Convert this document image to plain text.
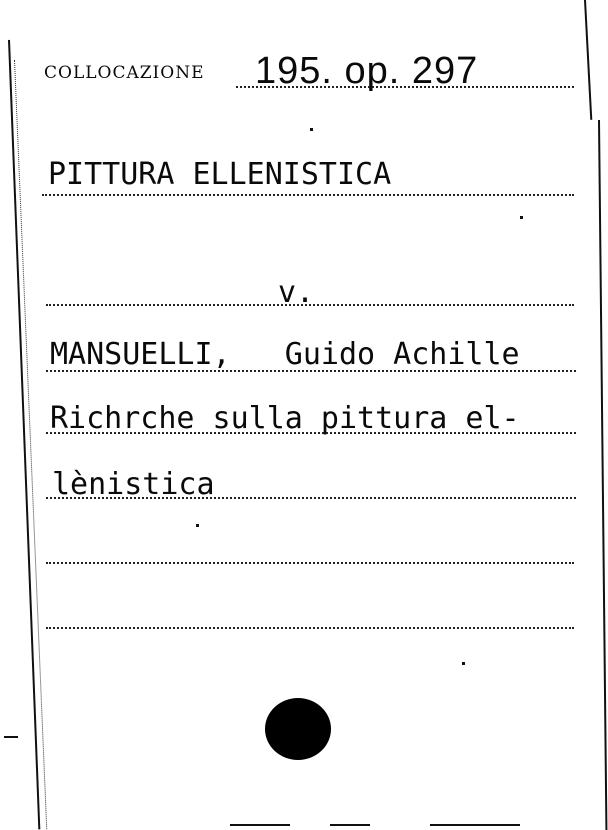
COLLOCAZIONE 195. op. 297
PITTURA ELLENISTICA
v.
MANSUELLI,   Guido Achille
Richrche sulla pittura el-
lènistica
